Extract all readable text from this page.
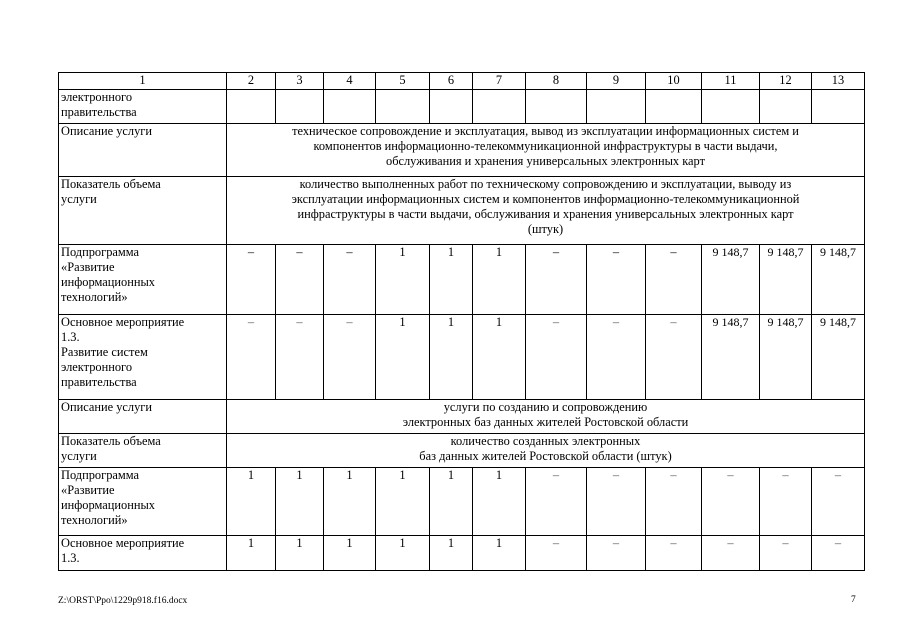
1	2	3	4	5	6	7	8	9	10	11	12	13

электронного
правительства												

Описание услуги	техническое сопровождение и эксплуатация, вывод из эксплуатации информационных систем и
компонентов информационно-телекоммуникационной инфраструктуры в части выдачи,
обслуживания и хранения универсальных электронных карт											

Показатель объема
услуги	количество выполненных работ по техническому сопровождению и эксплуатации, выводу из
эксплуатации информационных систем и компонентов информационно-телекоммуникационной
инфраструктуры в части выдачи, обслуживания и хранения универсальных электронных карт
(штук)											

Подпрограмма
«Развитие
информационных
технологий»	–	–	–	1	1	1	–	–	–	9 148,7	9 148,7	9 148,7

Основное мероприятие
1.3.
Развитие систем
электронного
правительства	–	–	–	1	1	1	–	–	–	9 148,7	9 148,7	9 148,7
Описание услуги	услуги по созданию и сопровождению
электронных баз данных жителей Ростовской области											

Показатель объема
услуги	количество созданных электронных
баз данных жителей Ростовской области (штук)											

Подпрограмма
«Развитие
информационных
технологий»	1	1	1	1	1	1	–	–	–	–	–	–

Основное мероприятие
1.3.	1	1	1	1	1	1	–	–	–	–	–	–
Z:\ORST\Ppo\1229p918.f16.docx	7
